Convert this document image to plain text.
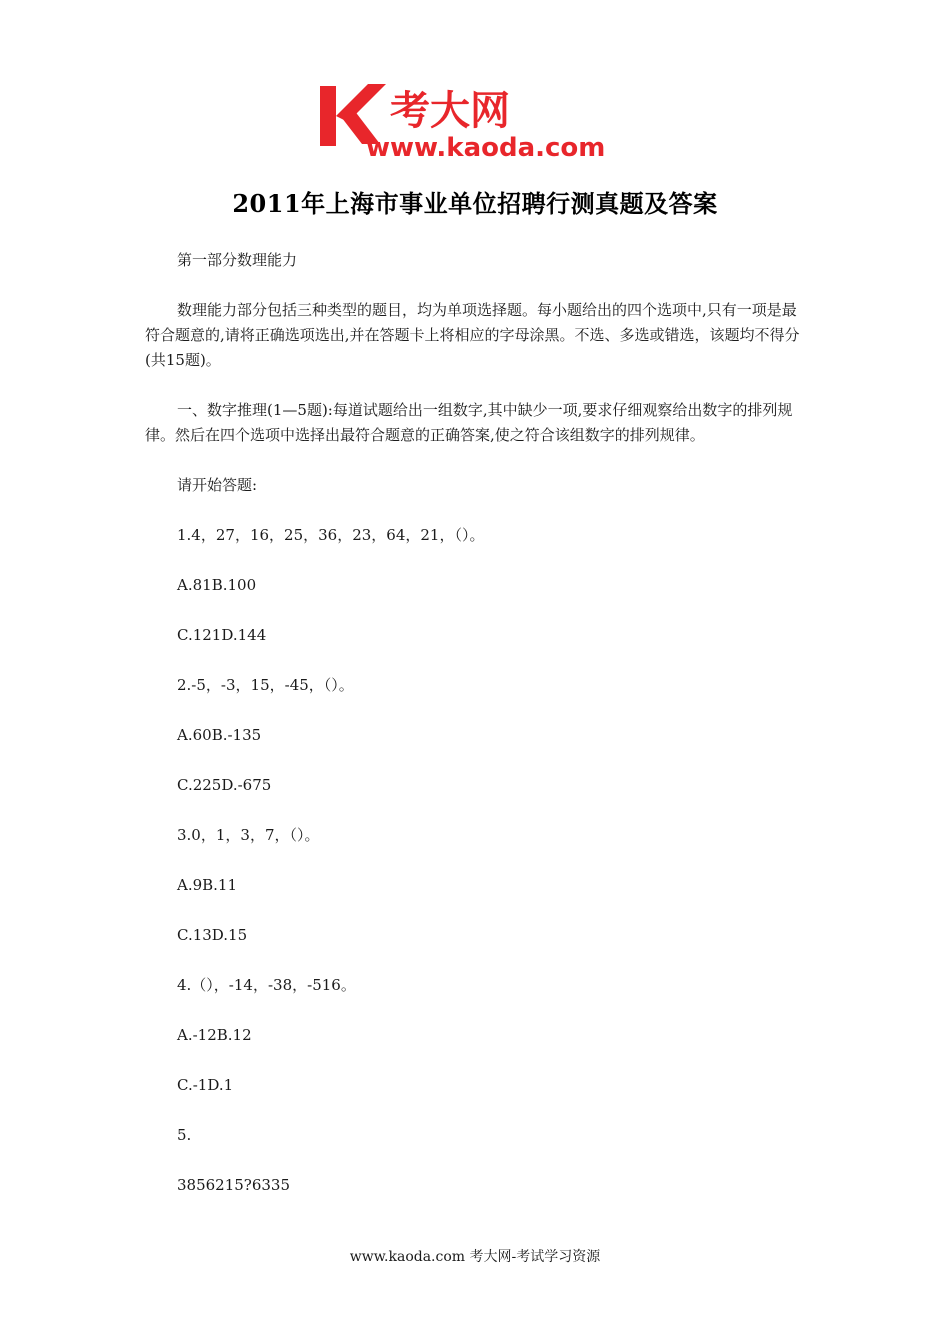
考大网
www.kaoda.com
2011年上海市事业单位招聘行测真题及答案

第一部分数理能力

数理能力部分包括三种类型的题目，均为单项选择题。每小题给出的四个选项中,只有一项是最符合题意的,请将正确选项选出,并在答题卡上将相应的字母涂黑。不选、多选或错选，该题均不得分(共15题)。

一、数字推理(1—5题):每道试题给出一组数字,其中缺少一项,要求仔细观察给出数字的排列规律。然后在四个选项中选择出最符合题意的正确答案,使之符合该组数字的排列规律。

请开始答题:

1.4，27，16，25，36，23，64，21，（）。

A.81B.100

C.121D.144

2.-5，-3，15，-45，（）。

A.60B.-135

C.225D.-675

3.0，1，3，7，（）。

A.9B.11

C.13D.15

4.（），-14，-38，-516。

A.-12B.12

C.-1D.1

5.

3856215?6335

www.kaoda.com 考大网-考试学习资源
